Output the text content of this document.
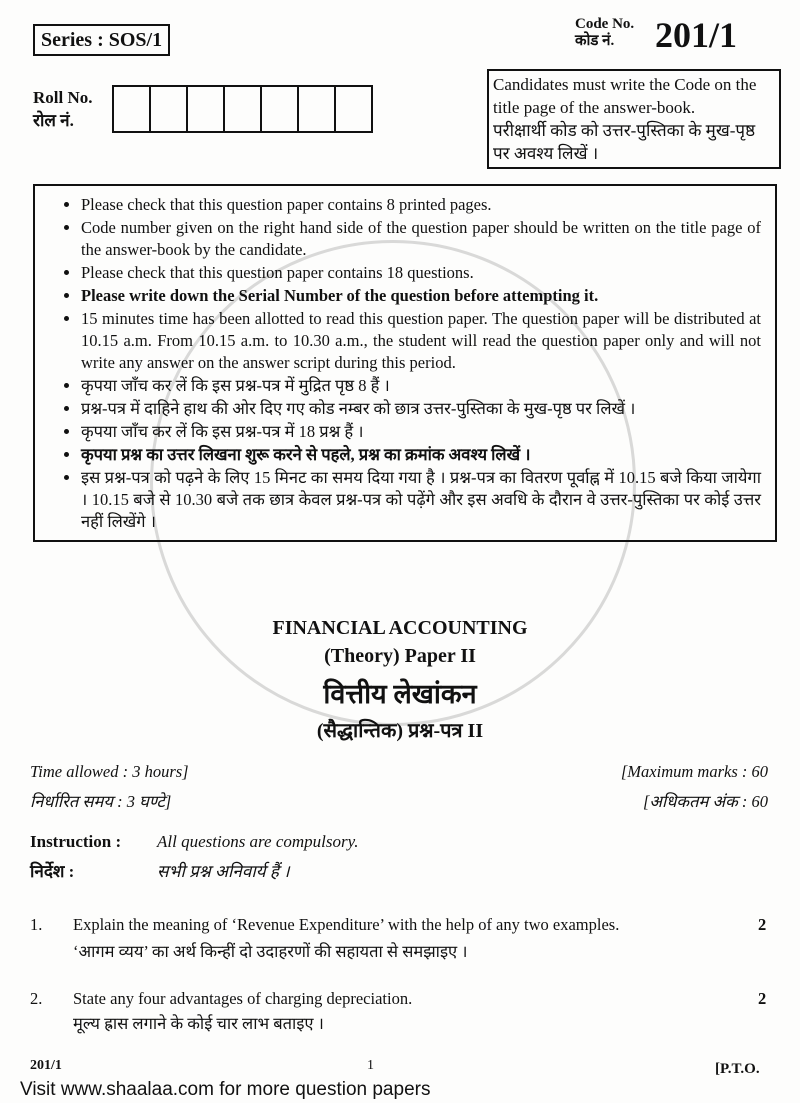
Series : SOS/1
Code No.
कोड नं.	201/1
Roll No.
रोल नं.
Candidates must write the Code on the title page of the answer-book.
परीक्षार्थी कोड को उत्तर-पुस्तिका के मुख-पृष्ठ पर अवश्य लिखें ।
• Please check that this question paper contains 8 printed pages.
• Code number given on the right hand side of the question paper should be written on the title page of the answer-book by the candidate.
• Please check that this question paper contains 18 questions.
• Please write down the Serial Number of the question before attempting it.
• 15 minutes time has been allotted to read this question paper. The question paper will be distributed at 10.15 a.m. From 10.15 a.m. to 10.30 a.m., the student will read the question paper only and will not write any answer on the answer script during this period.
• कृपया जाँच कर लें कि इस प्रश्न-पत्र में मुद्रित पृष्ठ 8 हैं ।
• प्रश्न-पत्र में दाहिने हाथ की ओर दिए गए कोड नम्बर को छात्र उत्तर-पुस्तिका के मुख-पृष्ठ पर लिखें ।
• कृपया जाँच कर लें कि इस प्रश्न-पत्र में 18 प्रश्न हैं ।
• कृपया प्रश्न का उत्तर लिखना शुरू करने से पहले, प्रश्न का क्रमांक अवश्य लिखें ।
• इस प्रश्न-पत्र को पढ़ने के लिए 15 मिनट का समय दिया गया है । प्रश्न-पत्र का वितरण पूर्वाह्न में 10.15 बजे किया जायेगा । 10.15 बजे से 10.30 बजे तक छात्र केवल प्रश्न-पत्र को पढ़ेंगे और इस अवधि के दौरान वे उत्तर-पुस्तिका पर कोई उत्तर नहीं लिखेंगे ।
FINANCIAL ACCOUNTING
(Theory) Paper II
वित्तीय लेखांकन
(सैद्धान्तिक) प्रश्न-पत्र II
Time allowed : 3 hours]
निर्धारित समय : 3 घण्टे]
[Maximum marks : 60
[अधिकतम अंक : 60
Instruction : All questions are compulsory.
निर्देश :	सभी प्रश्न अनिवार्य हैं ।
1. Explain the meaning of ‘Revenue Expenditure’ with the help of any two examples.
‘आगम व्यय’ का अर्थ किन्हीं दो उदाहरणों की सहायता से समझाइए ।
2
2. State any four advantages of charging depreciation.
मूल्य ह्रास लगाने के कोई चार लाभ बताइए ।
2
201/1	1	[P.T.O.
Visit www.shaalaa.com for more question papers
